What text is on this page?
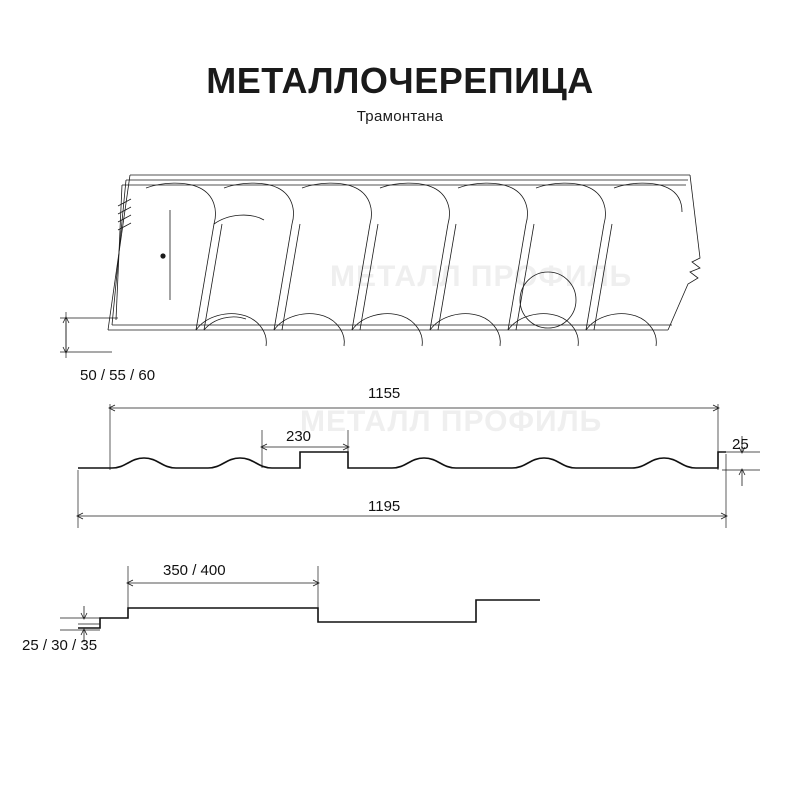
МЕТАЛЛОЧЕРЕПИЦА
Трамонтана
МЕТАЛЛ ПРОФИЛЬ
МЕТАЛЛ ПРОФИЛЬ
50 / 55 / 60
1155
230	25
1195
350 / 400
25 / 30 / 35
